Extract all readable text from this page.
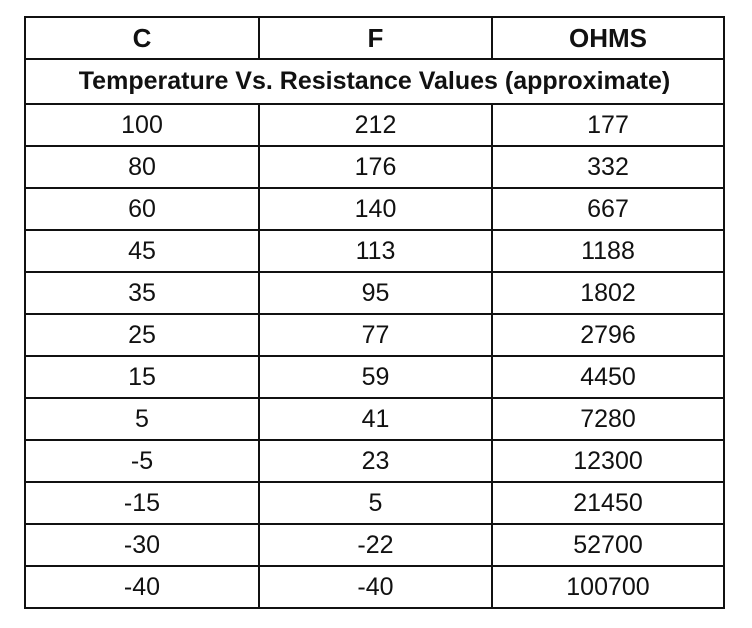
C	F	OHMS
Temperature Vs. Resistance Values (approximate)		
100	212	177
80	176	332
60	140	667
45	113	1188
35	95	1802
25	77	2796
15	59	4450
5	41	7280
-5	23	12300
-15	5	21450
-30	-22	52700
-40	-40	100700
